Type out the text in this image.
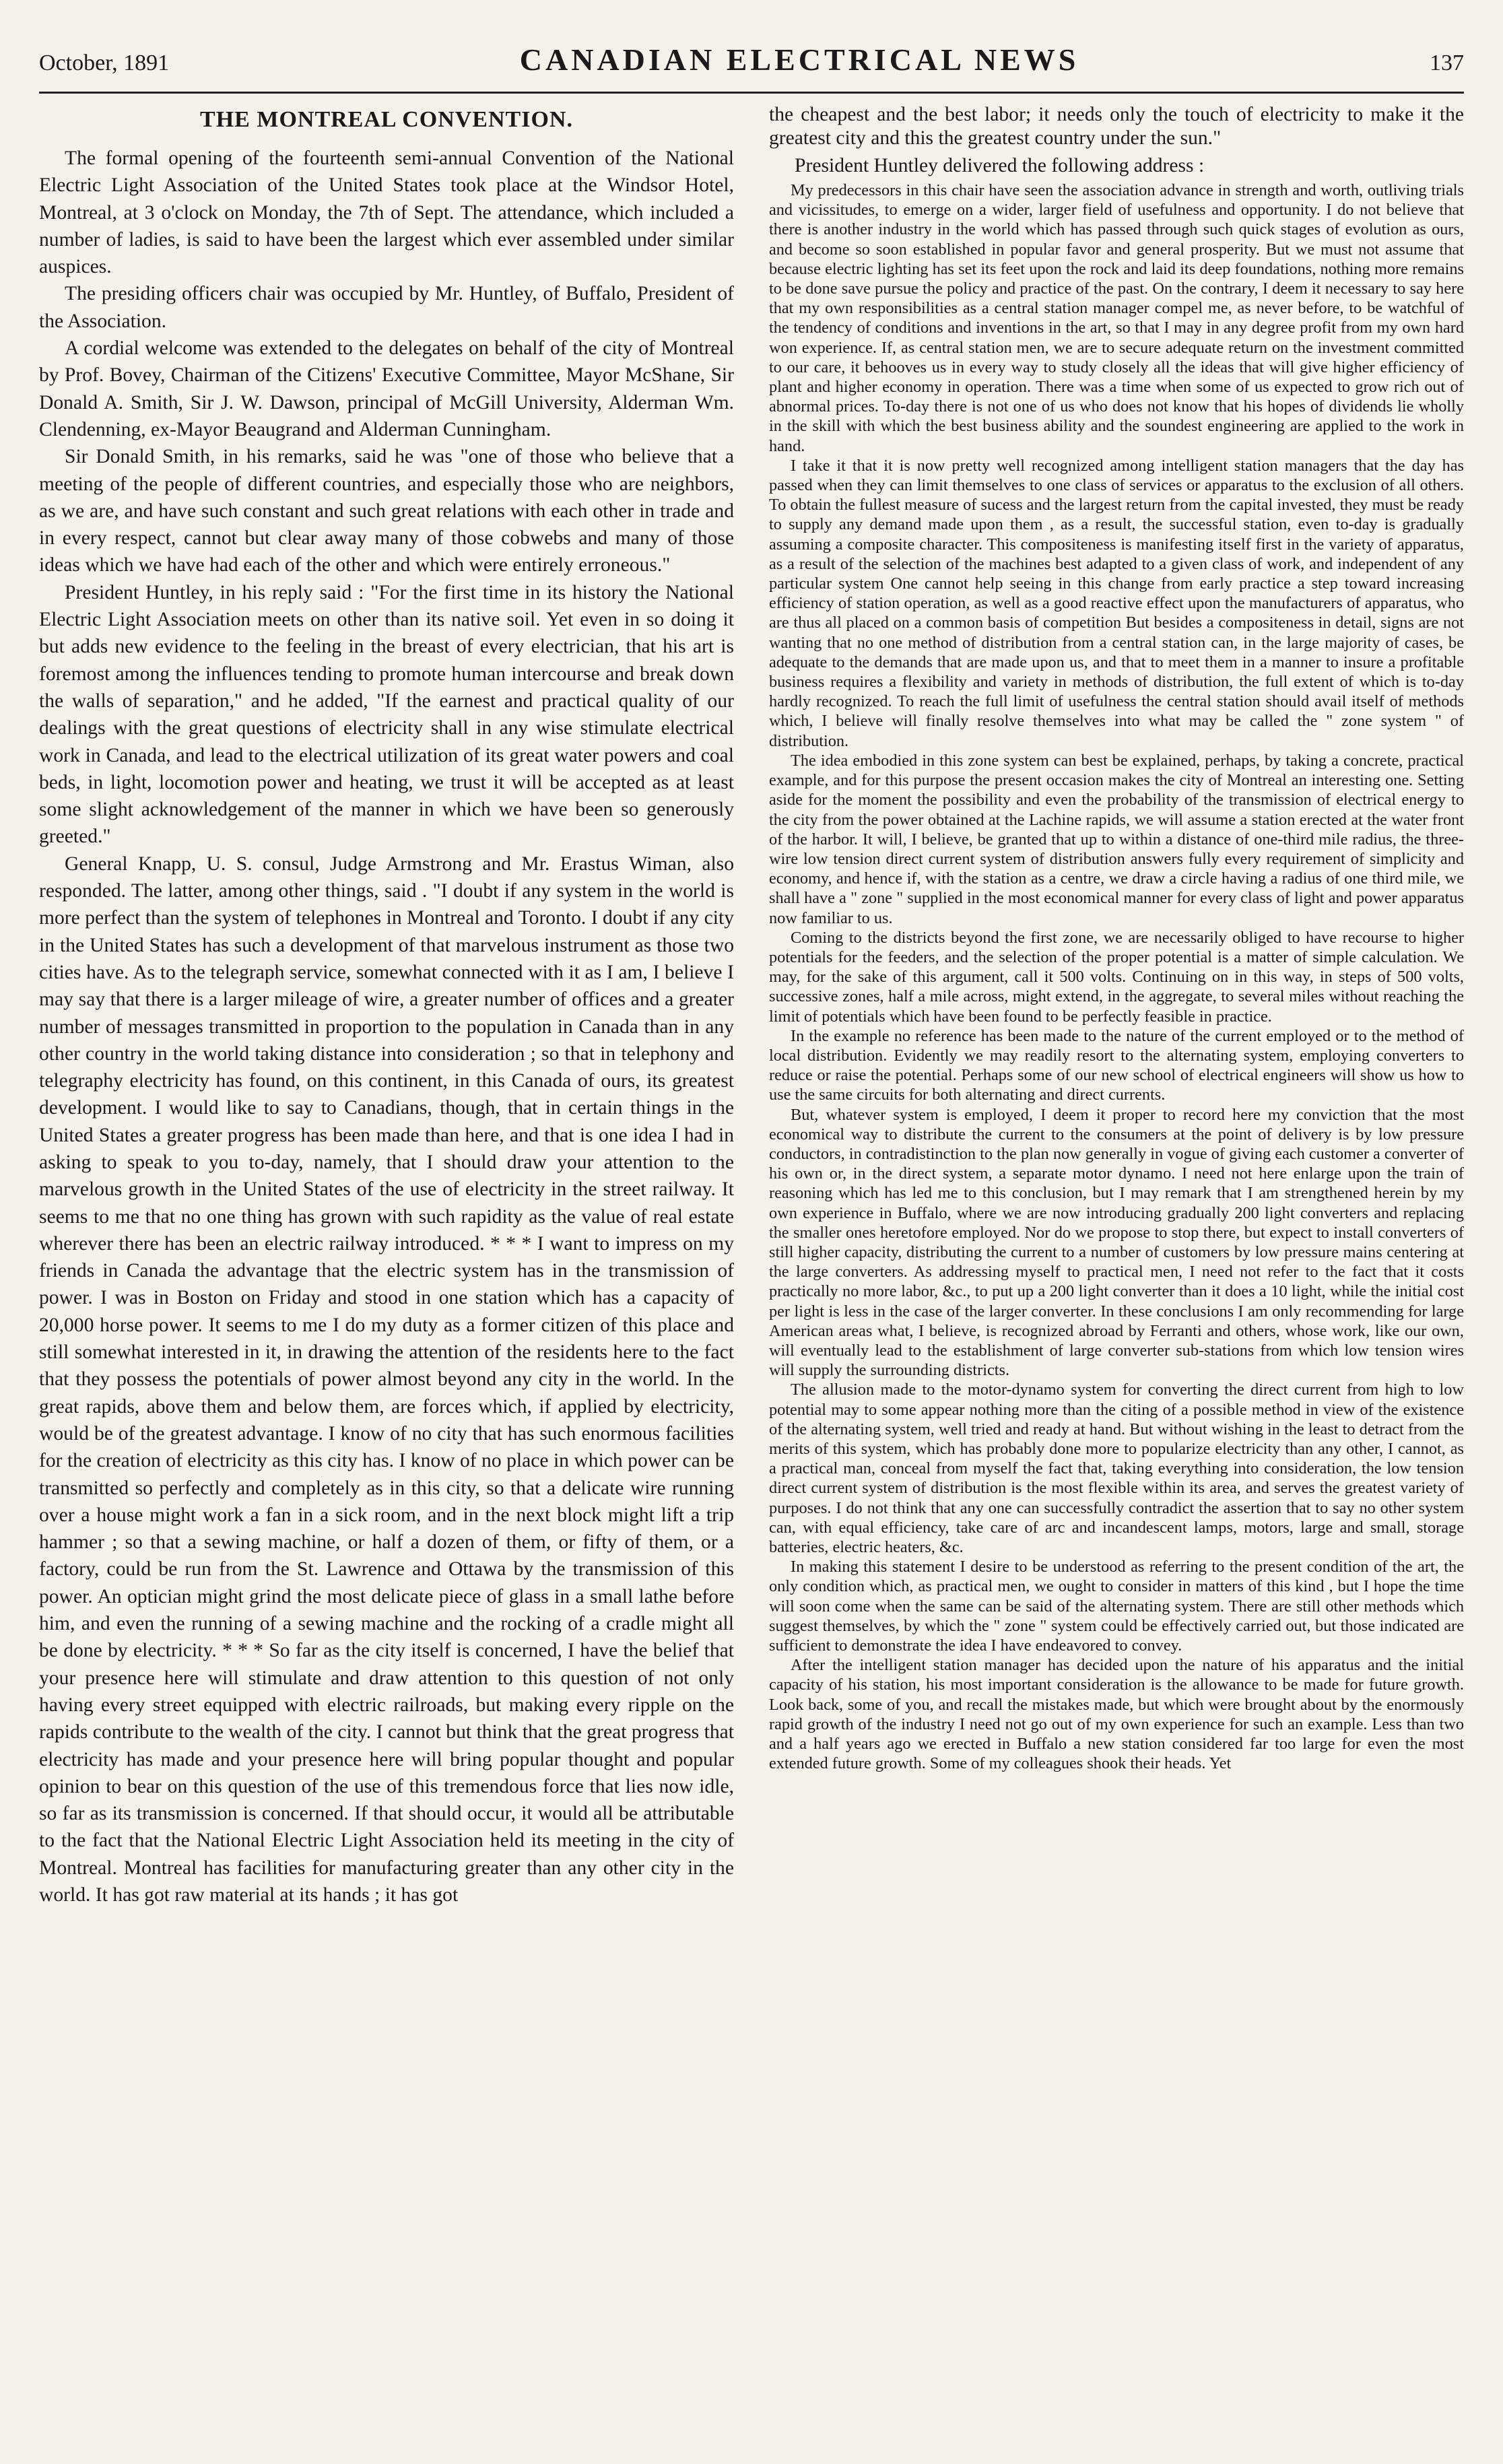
October, 1891	CANADIAN ELECTRICAL NEWS	137
THE MONTREAL CONVENTION.

The formal opening of the fourteenth semi-annual Convention of the National Electric Light Association of the United States took place at the Windsor Hotel, Montreal, at 3 o'clock on Monday, the 7th of Sept. The attendance, which included a number of ladies, is said to have been the largest which ever assembled under similar auspices.

The presiding officers chair was occupied by Mr. Huntley, of Buffalo, President of the Association.

A cordial welcome was extended to the delegates on behalf of the city of Montreal by Prof. Bovey, Chairman of the Citizens' Executive Committee, Mayor McShane, Sir Donald A. Smith, Sir J. W. Dawson, principal of McGill University, Alderman Wm. Clendenning, ex-Mayor Beaugrand and Alderman Cunningham.

Sir Donald Smith, in his remarks, said he was "one of those who believe that a meeting of the people of different countries, and especially those who are neighbors, as we are, and have such constant and such great relations with each other in trade and in every respect, cannot but clear away many of those cobwebs and many of those ideas which we have had each of the other and which were entirely erroneous."

President Huntley, in his reply said : "For the first time in its history the National Electric Light Association meets on other than its native soil. Yet even in so doing it but adds new evidence to the feeling in the breast of every electrician, that his art is foremost among the influences tending to promote human intercourse and break down the walls of separation," and he added, "If the earnest and practical quality of our dealings with the great questions of electricity shall in any wise stimulate electrical work in Canada, and lead to the electrical utilization of its great water powers and coal beds, in light, locomotion power and heating, we trust it will be accepted as at least some slight acknowledgement of the manner in which we have been so generously greeted."

General Knapp, U. S. consul, Judge Armstrong and Mr. Erastus Wiman, also responded. The latter, among other things, said . "I doubt if any system in the world is more perfect than the system of telephones in Montreal and Toronto. I doubt if any city in the United States has such a development of that marvelous instrument as those two cities have. As to the telegraph service, somewhat connected with it as I am, I believe I may say that there is a larger mileage of wire, a greater number of offices and a greater number of messages transmitted in proportion to the population in Canada than in any other country in the world taking distance into consideration ; so that in telephony and telegraphy electricity has found, on this continent, in this Canada of ours, its greatest development. I would like to say to Canadians, though, that in certain things in the United States a greater progress has been made than here, and that is one idea I had in asking to speak to you to-day, namely, that I should draw your attention to the marvelous growth in the United States of the use of electricity in the street railway. It seems to me that no one thing has grown with such rapidity as the value of real estate wherever there has been an electric railway introduced. * * * I want to impress on my friends in Canada the advantage that the electric system has in the transmission of power. I was in Boston on Friday and stood in one station which has a capacity of 20,000 horse power. It seems to me I do my duty as a former citizen of this place and still somewhat interested in it, in drawing the attention of the residents here to the fact that they possess the potentials of power almost beyond any city in the world. In the great rapids, above them and below them, are forces which, if applied by electricity, would be of the greatest advantage. I know of no city that has such enormous facilities for the creation of electricity as this city has. I know of no place in which power can be transmitted so perfectly and completely as in this city, so that a delicate wire running over a house might work a fan in a sick room, and in the next block might lift a trip hammer ; so that a sewing machine, or half a dozen of them, or fifty of them, or a factory, could be run from the St. Lawrence and Ottawa by the transmission of this power. An optician might grind the most delicate piece of glass in a small lathe before him, and even the running of a sewing machine and the rocking of a cradle might all be done by electricity. * * * So far as the city itself is concerned, I have the belief that your presence here will stimulate and draw attention to this question of not only having every street equipped with electric railroads, but making every ripple on the rapids contribute to the wealth of the city. I cannot but think that the great progress that electricity has made and your presence here will bring popular thought and popular opinion to bear on this question of the use of this tremendous force that lies now idle, so far as its transmission is concerned. If that should occur, it would all be attributable to the fact that the National Electric Light Association held its meeting in the city of Montreal. Montreal has facilities for manufacturing greater than any other city in the world. It has got raw material at its hands ; it has got

the cheapest and the best labor; it needs only the touch of electricity to make it the greatest city and this the greatest country under the sun."

President Huntley delivered the following address :

My predecessors in this chair have seen the association advance in strength and worth, outliving trials and vicissitudes, to emerge on a wider, larger field of usefulness and opportunity. I do not believe that there is another industry in the world which has passed through such quick stages of evolution as ours, and become so soon established in popular favor and general prosperity. But we must not assume that because electric lighting has set its feet upon the rock and laid its deep foundations, nothing more remains to be done save pursue the policy and practice of the past. On the contrary, I deem it necessary to say here that my own responsibilities as a central station manager compel me, as never before, to be watchful of the tendency of conditions and inventions in the art, so that I may in any degree profit from my own hard won experience. If, as central station men, we are to secure adequate return on the investment committed to our care, it behooves us in every way to study closely all the ideas that will give higher efficiency of plant and higher economy in operation. There was a time when some of us expected to grow rich out of abnormal prices. To-day there is not one of us who does not know that his hopes of dividends lie wholly in the skill with which the best business ability and the soundest engineering are applied to the work in hand.

I take it that it is now pretty well recognized among intelligent station managers that the day has passed when they can limit themselves to one class of services or apparatus to the exclusion of all others. To obtain the fullest measure of sucess and the largest return from the capital invested, they must be ready to supply any demand made upon them , as a result, the successful station, even to-day is gradually assuming a composite character. This compositeness is manifesting itself first in the variety of apparatus, as a result of the selection of the machines best adapted to a given class of work, and independent of any particular system One cannot help seeing in this change from early practice a step toward increasing efficiency of station operation, as well as a good reactive effect upon the manufacturers of apparatus, who are thus all placed on a common basis of competition But besides a compositeness in detail, signs are not wanting that no one method of distribution from a central station can, in the large majority of cases, be adequate to the demands that are made upon us, and that to meet them in a manner to insure a profitable business requires a flexibility and variety in methods of distribution, the full extent of which is to-day hardly recognized. To reach the full limit of usefulness the central station should avail itself of methods which, I believe will finally resolve themselves into what may be called the " zone system " of distribution.

The idea embodied in this zone system can best be explained, perhaps, by taking a concrete, practical example, and for this purpose the present occasion makes the city of Montreal an interesting one. Setting aside for the moment the possibility and even the probability of the transmission of electrical energy to the city from the power obtained at the Lachine rapids, we will assume a station erected at the water front of the harbor. It will, I believe, be granted that up to within a distance of one-third mile radius, the three-wire low tension direct current system of distribution answers fully every requirement of simplicity and economy, and hence if, with the station as a centre, we draw a circle having a radius of one third mile, we shall have a " zone " supplied in the most economical manner for every class of light and power apparatus now familiar to us.

Coming to the districts beyond the first zone, we are necessarily obliged to have recourse to higher potentials for the feeders, and the selection of the proper potential is a matter of simple calculation. We may, for the sake of this argument, call it 500 volts. Continuing on in this way, in steps of 500 volts, successive zones, half a mile across, might extend, in the aggregate, to several miles without reaching the limit of potentials which have been found to be perfectly feasible in practice.

In the example no reference has been made to the nature of the current employed or to the method of local distribution. Evidently we may readily resort to the alternating system, employing converters to reduce or raise the potential. Perhaps some of our new school of electrical engineers will show us how to use the same circuits for both alternating and direct currents.

But, whatever system is employed, I deem it proper to record here my conviction that the most economical way to distribute the current to the consumers at the point of delivery is by low pressure conductors, in contradistinction to the plan now generally in vogue of giving each customer a converter of his own or, in the direct system, a separate motor dynamo. I need not here enlarge upon the train of reasoning which has led me to this conclusion, but I may remark that I am strengthened herein by my own experience in Buffalo, where we are now introducing gradually 200 light converters and replacing the smaller ones heretofore employed. Nor do we propose to stop there, but expect to install converters of still higher capacity, distributing the current to a number of customers by low pressure mains centering at the large converters. As addressing myself to practical men, I need not refer to the fact that it costs practically no more labor, &c., to put up a 200 light converter than it does a 10 light, while the initial cost per light is less in the case of the larger converter. In these conclusions I am only recommending for large American areas what, I believe, is recognized abroad by Ferranti and others, whose work, like our own, will eventually lead to the establishment of large converter sub-stations from which low tension wires will supply the surrounding districts.

The allusion made to the motor-dynamo system for converting the direct current from high to low potential may to some appear nothing more than the citing of a possible method in view of the existence of the alternating system, well tried and ready at hand. But without wishing in the least to detract from the merits of this system, which has probably done more to popularize electricity than any other, I cannot, as a practical man, conceal from myself the fact that, taking everything into consideration, the low tension direct current system of distribution is the most flexible within its area, and serves the greatest variety of purposes. I do not think that any one can successfully contradict the assertion that to say no other system can, with equal efficiency, take care of arc and incandescent lamps, motors, large and small, storage batteries, electric heaters, &c.

In making this statement I desire to be understood as referring to the present condition of the art, the only condition which, as practical men, we ought to consider in matters of this kind , but I hope the time will soon come when the same can be said of the alternating system. There are still other methods which suggest themselves, by which the " zone " system could be effectively carried out, but those indicated are sufficient to demonstrate the idea I have endeavored to convey.

After the intelligent station manager has decided upon the nature of his apparatus and the initial capacity of his station, his most important consideration is the allowance to be made for future growth. Look back, some of you, and recall the mistakes made, but which were brought about by the enormously rapid growth of the industry I need not go out of my own experience for such an example. Less than two and a half years ago we erected in Buffalo a new station considered far too large for even the most extended future growth. Some of my colleagues shook their heads. Yet
